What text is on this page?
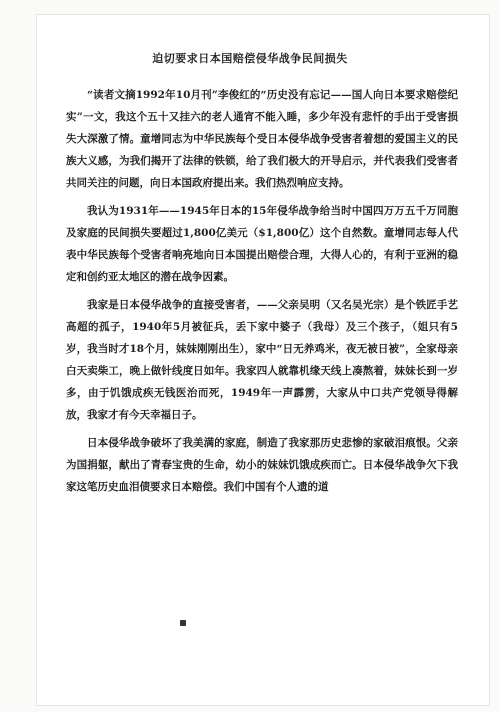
迫切要求日本国赔偿侵华战争民间损失

“读者文摘1992年10月刊”李俊红的“历史没有忘记——国人向日本要求赔偿纪实”一文，我这个五十又挂六的老人通宵不能入睡，多少年没有悲忏的手出于受害损失大深激了情。童增同志为中华民族每个受日本侵华战争受害者着想的爱国主义的民族大义感，为我们揭开了法律的铁锁，给了我们极大的开导启示，并代表我们受害者共同关注的问题，向日本国政府提出来。我们热烈响应支持。

我认为1931年——1945年日本的15年侵华战争给当时中国四万万五千万同胞及家庭的民间损失要超过1,800亿美元（$1,800亿）这个自然数。童增同志每人代表中华民族每个受害者响亮地向日本国提出赔偿合理，大得人心的，有利于亚洲的稳定和创约亚太地区的潜在战争因素。

我家是日本侵华战争的直接受害者，——父亲吴明（又名吴光宗）是个铁匠手艺高超的孤子，1940年5月被征兵，丢下家中婆子（我母）及三个孩子，（姐只有5岁，我当时才18个月，妹妹刚刚出生），家中“日无养鸡米，夜无被日被”，全家母亲白天卖柴工，晚上做针线度日如年。我家四人就靠机缘天线上凑熬着，妹妹长到一岁多，由于饥饿成疾无钱医治而死，1949年一声霹雳，大家从中口共产党领导得解放，我家才有今天幸福日子。

日本侵华战争破坏了我美满的家庭，制造了我家那历史悲惨的家破泪痕恨。父亲为国捐躯，献出了青春宝贵的生命，幼小的妹妹饥饿成疾而亡。日本侵华战争欠下我家这笔历史血泪债要求日本赔偿。我们中国有个人遗的道
